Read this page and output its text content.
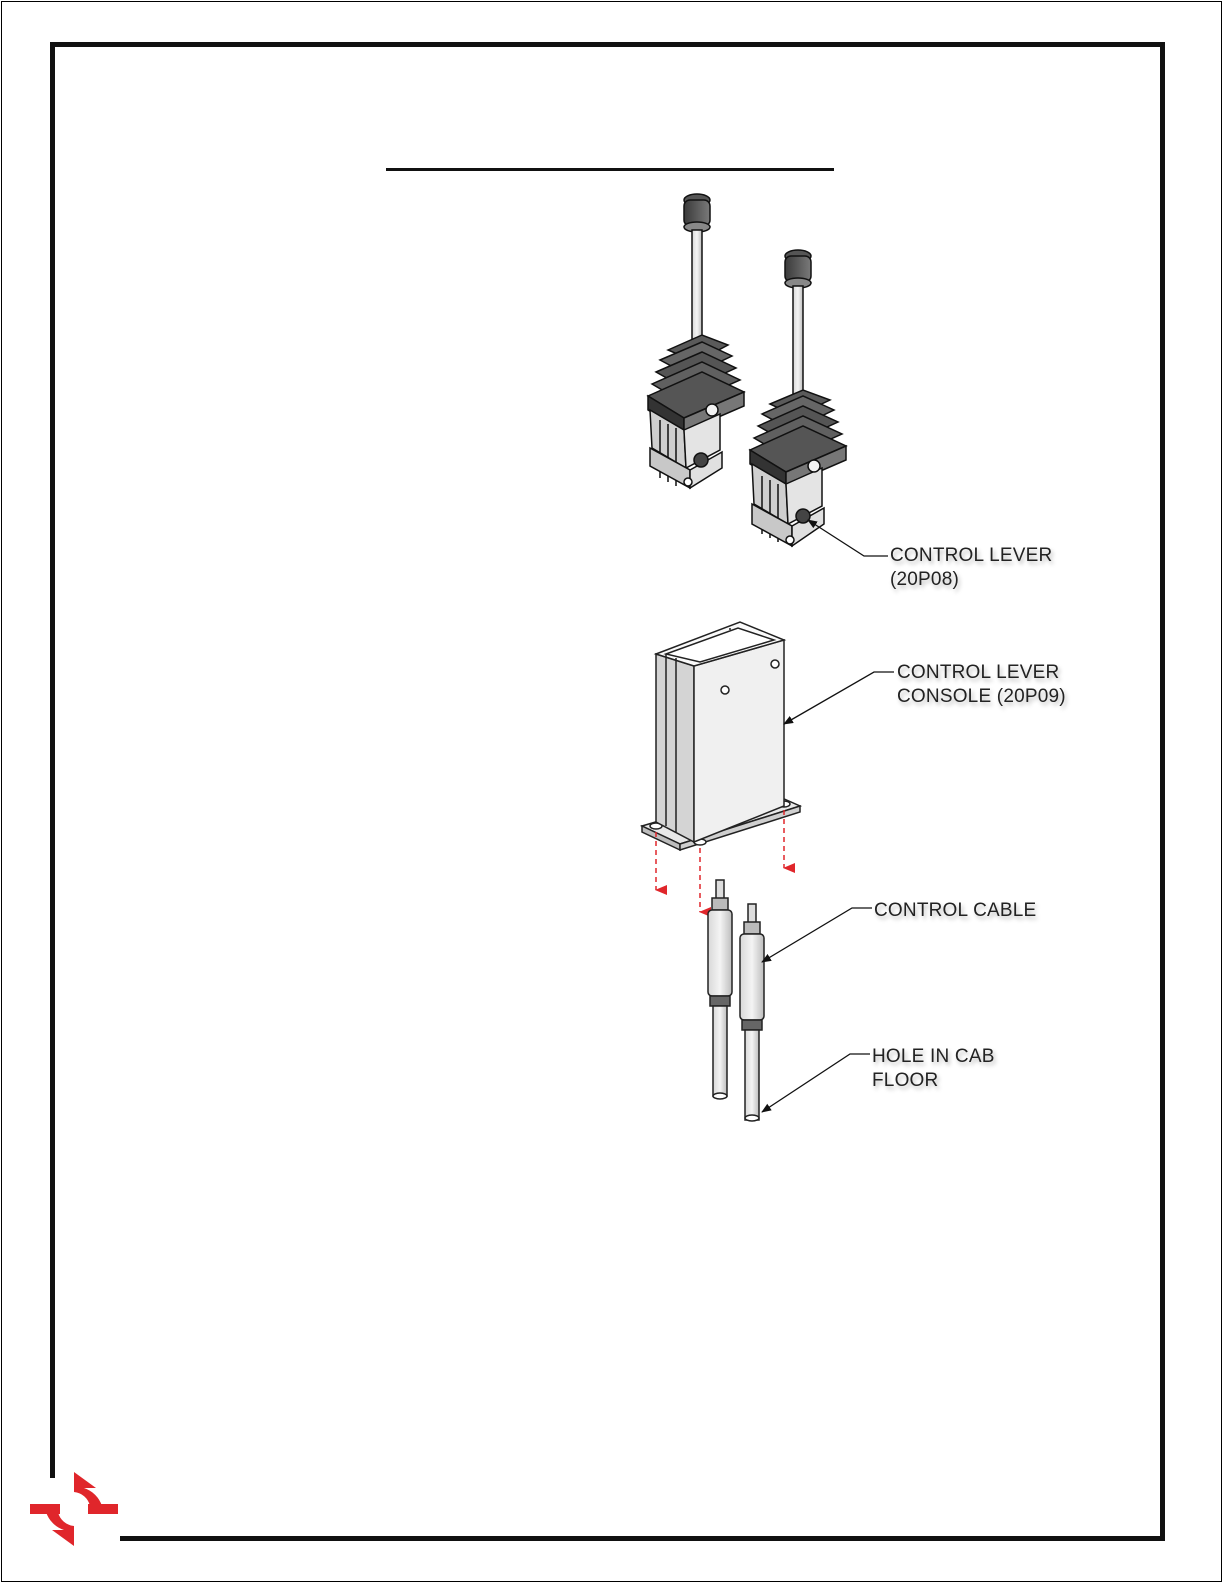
CONTROL LEVER
(20P08)
CONTROL LEVER
CONSOLE (20P09)
CONTROL CABLE
HOLE IN CAB
FLOOR
